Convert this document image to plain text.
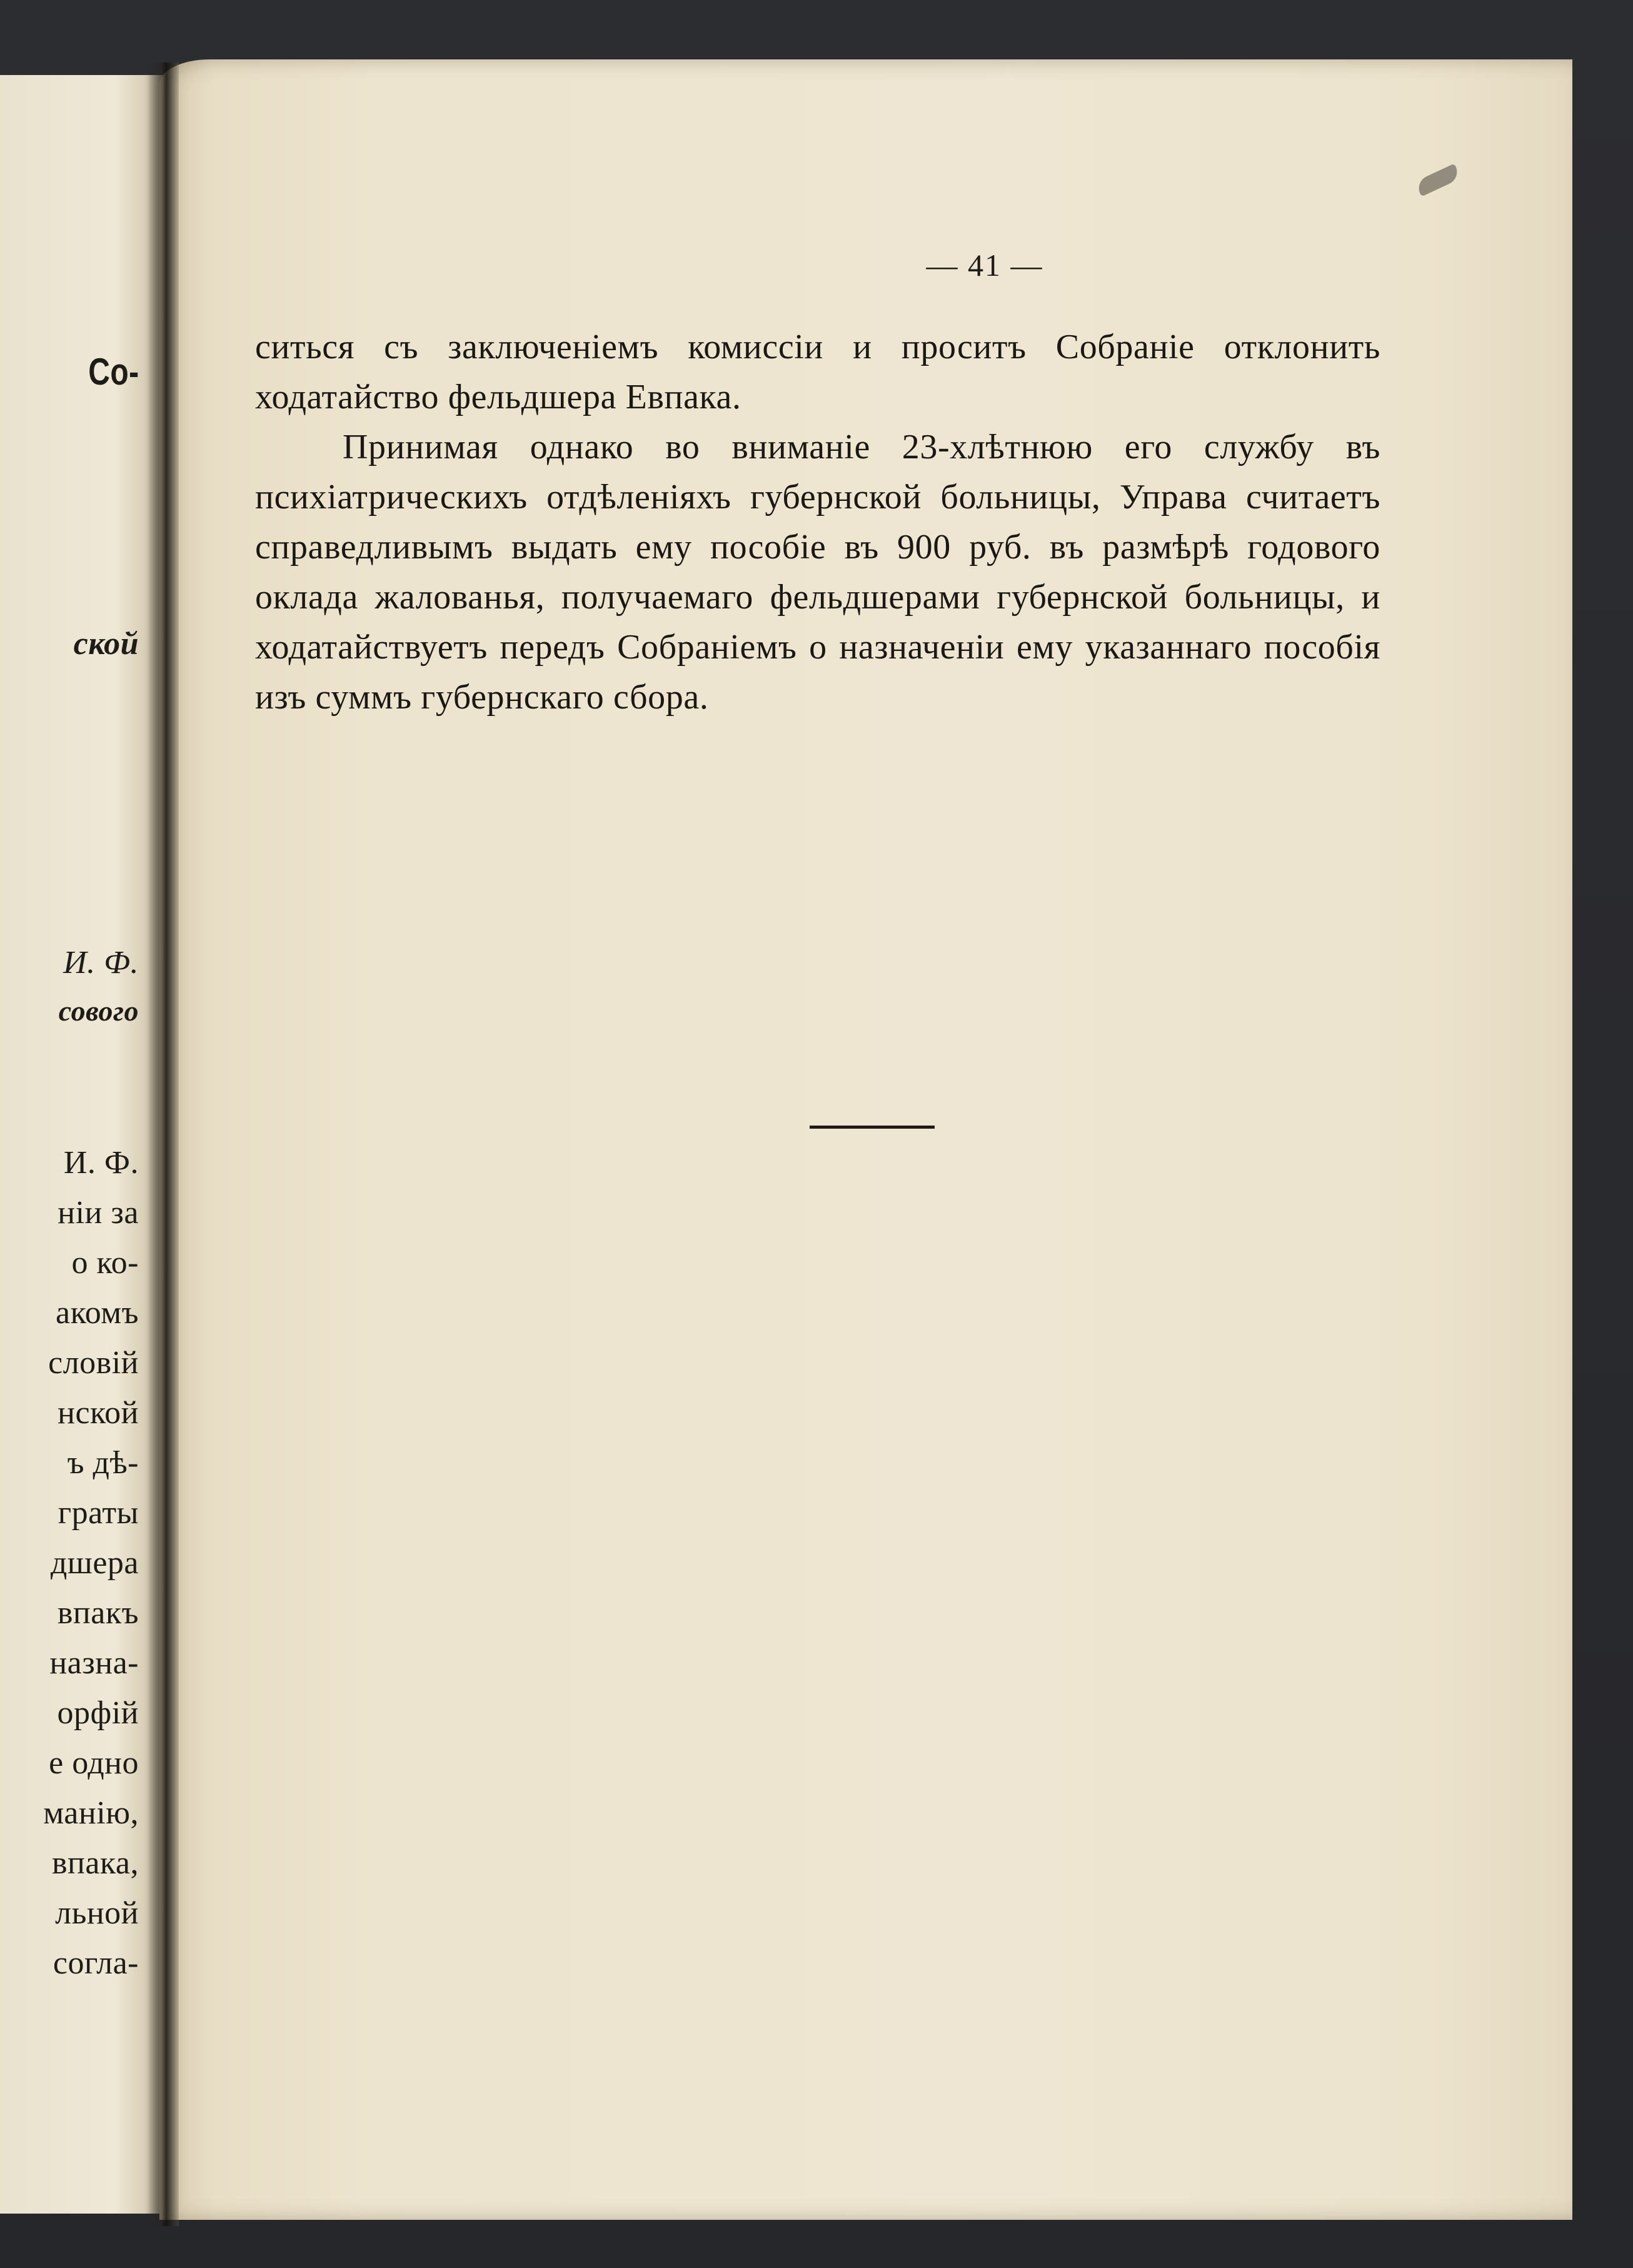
Со-
ской
И. Ф.
сового
И. Ф.
ніи за
о ко-
акомъ
словій
нской
ъ дѣ-
граты
дшера
впакъ
назна-
орфій
е одно
манію,
впака,
льной
согла-
— 41 —

ситься съ заключеніемъ комиссіи и проситъ Собраніе отклонить ходатайство фельдшера Евпака.

Принимая однако во вниманіе 23-хлѣтнюю его службу въ психіатрическихъ отдѣленіяхъ губернской больницы, Управа считаетъ справедливымъ выдать ему пособіе въ 900 руб. въ размѣрѣ годового оклада жалованья, получаемаго фельдшерами губернской больницы, и ходатайствуетъ передъ Собраніемъ о назначеніи ему указаннаго пособія изъ суммъ губернскаго сбора.
